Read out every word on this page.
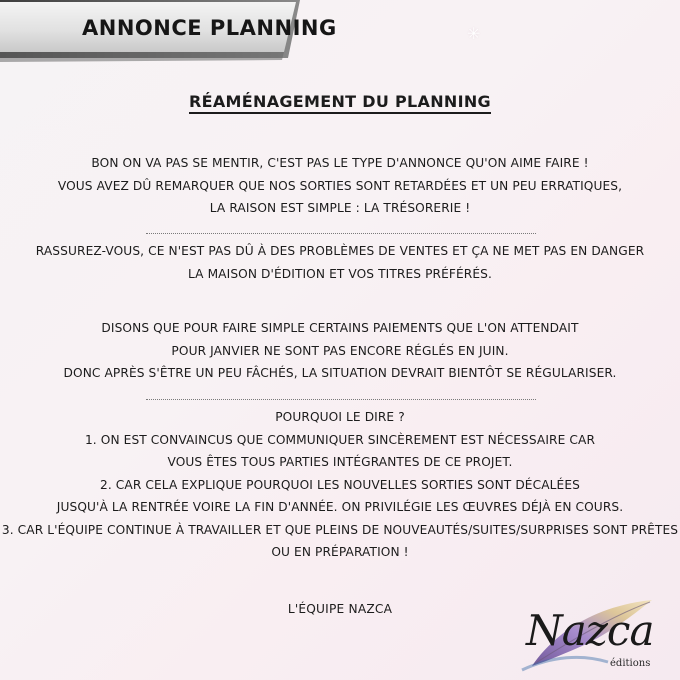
ANNONCE PLANNING	✳
RÉAMÉNAGEMENT DU PLANNING
BON ON VA PAS SE MENTIR, C'EST PAS LE TYPE D'ANNONCE QU'ON AIME FAIRE !
VOUS AVEZ DÛ REMARQUER QUE NOS SORTIES SONT RETARDÉES ET UN PEU ERRATIQUES,
LA RAISON EST SIMPLE : LA TRÉSORERIE !
RASSUREZ-VOUS, CE N'EST PAS DÛ À DES PROBLÈMES DE VENTES ET ÇA NE MET PAS EN DANGER
LA MAISON D'ÉDITION ET VOS TITRES PRÉFÉRÉS.
DISONS QUE POUR FAIRE SIMPLE CERTAINS PAIEMENTS QUE L'ON ATTENDAIT
POUR JANVIER NE SONT PAS ENCORE RÉGLÉS EN JUIN.
DONC APRÈS S'ÊTRE UN PEU FÂCHÉS, LA SITUATION DEVRAIT BIENTÔT SE RÉGULARISER.
POURQUOI LE DIRE ?
1. ON EST CONVAINCUS QUE COMMUNIQUER SINCÈREMENT EST NÉCESSAIRE CAR
VOUS ÊTES TOUS PARTIES INTÉGRANTES DE CE PROJET.
2. CAR CELA EXPLIQUE POURQUOI LES NOUVELLES SORTIES SONT DÉCALÉES
JUSQU'À LA RENTRÉE VOIRE LA FIN D'ANNÉE. ON PRIVILÉGIE LES ŒUVRES DÉJÀ EN COURS.
3. CAR L'ÉQUIPE CONTINUE À TRAVAILLER ET QUE PLEINS DE NOUVEAUTÉS/SUITES/SURPRISES SONT PRÊTES
OU EN PRÉPARATION !
L'ÉQUIPE NAZCA	Nazca
éditions
